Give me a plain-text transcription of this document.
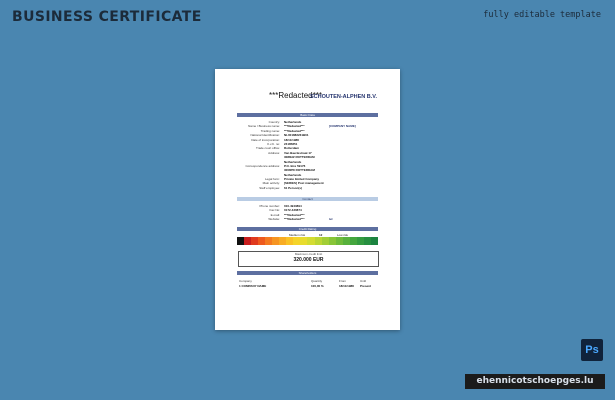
BUSINESS CERTIFICATE	fully editable template
***Redacted***
SCHOUTEN-ALPHEN B.V.
Basic Data
Country: Netherlands
Name / Business name: ***Redacted***	[COMPANY NAME]
Trading name: ***Redacted***
National Identification: NL001882231B01
Date of incorporation: 18/11/1988
K.v.K. no: 24185851
Trade court office: Rotterdam
Address: Van Baerlestraat 17
3088HZ ROTTERDAM
Netherlands
Correspondence address: P.O. Box 59176
3008PD ROTTERDAM
Netherlands
Legal form: Private limited Company
Main activity: [SERIES] Post management
Staff employee: 61 Person(s)
Contact
Phone number: 010-4943894
Fax No: 0172-430874
E-mail: ***Redacted***
Website: ***Redacted***	tel
Credit Rating
Medium risk	12	Low risk
Maximum credit limit
320.000 EUR
Shareholders
Company	Quantity	From	Until
1 COMPANY NAME	100,00 %	18/11/1988 Present
Ps
ehennicotschoepges.lu
